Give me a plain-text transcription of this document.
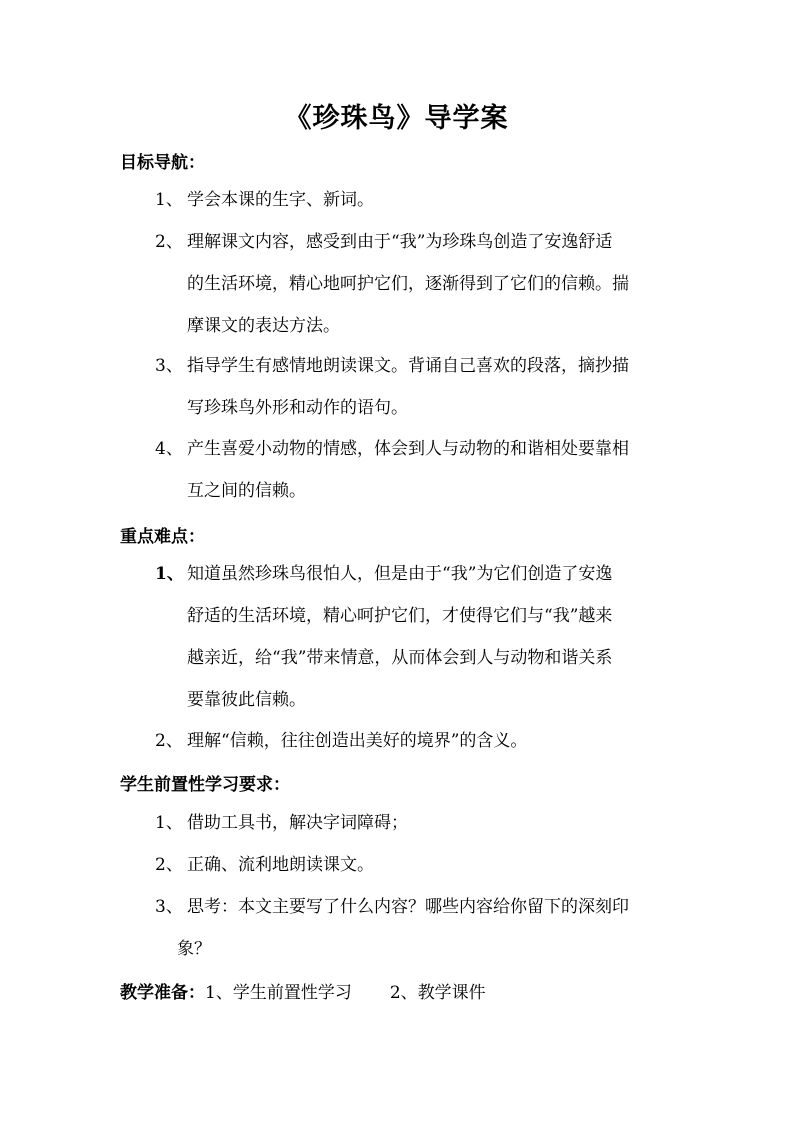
《珍珠鸟》导学案

目标导航：

1、 学会本课的生字、新词。
2、 理解课文内容，感受到由于“我”为珍珠鸟创造了安逸舒适
的生活环境，精心地呵护它们，逐渐得到了它们的信赖。揣
摩课文的表达方法。
3、 指导学生有感情地朗读课文。背诵自己喜欢的段落，摘抄描
写珍珠鸟外形和动作的语句。
4、 产生喜爱小动物的情感，体会到人与动物的和谐相处要靠相
互之间的信赖。

重点难点：

1、 知道虽然珍珠鸟很怕人，但是由于“我”为它们创造了安逸
舒适的生活环境，精心呵护它们，才使得它们与“我”越来
越亲近，给“我”带来情意，从而体会到人与动物和谐关系
要靠彼此信赖。
2、 理解“信赖，往往创造出美好的境界”的含义。

学生前置性学习要求：

1、 借助工具书，解决字词障碍；
2、 正确、流利地朗读课文。
3、 思考：本文主要写了什么内容？哪些内容给你留下的深刻印
象？

教学准备：1、学生前置性学习 2、教学课件
